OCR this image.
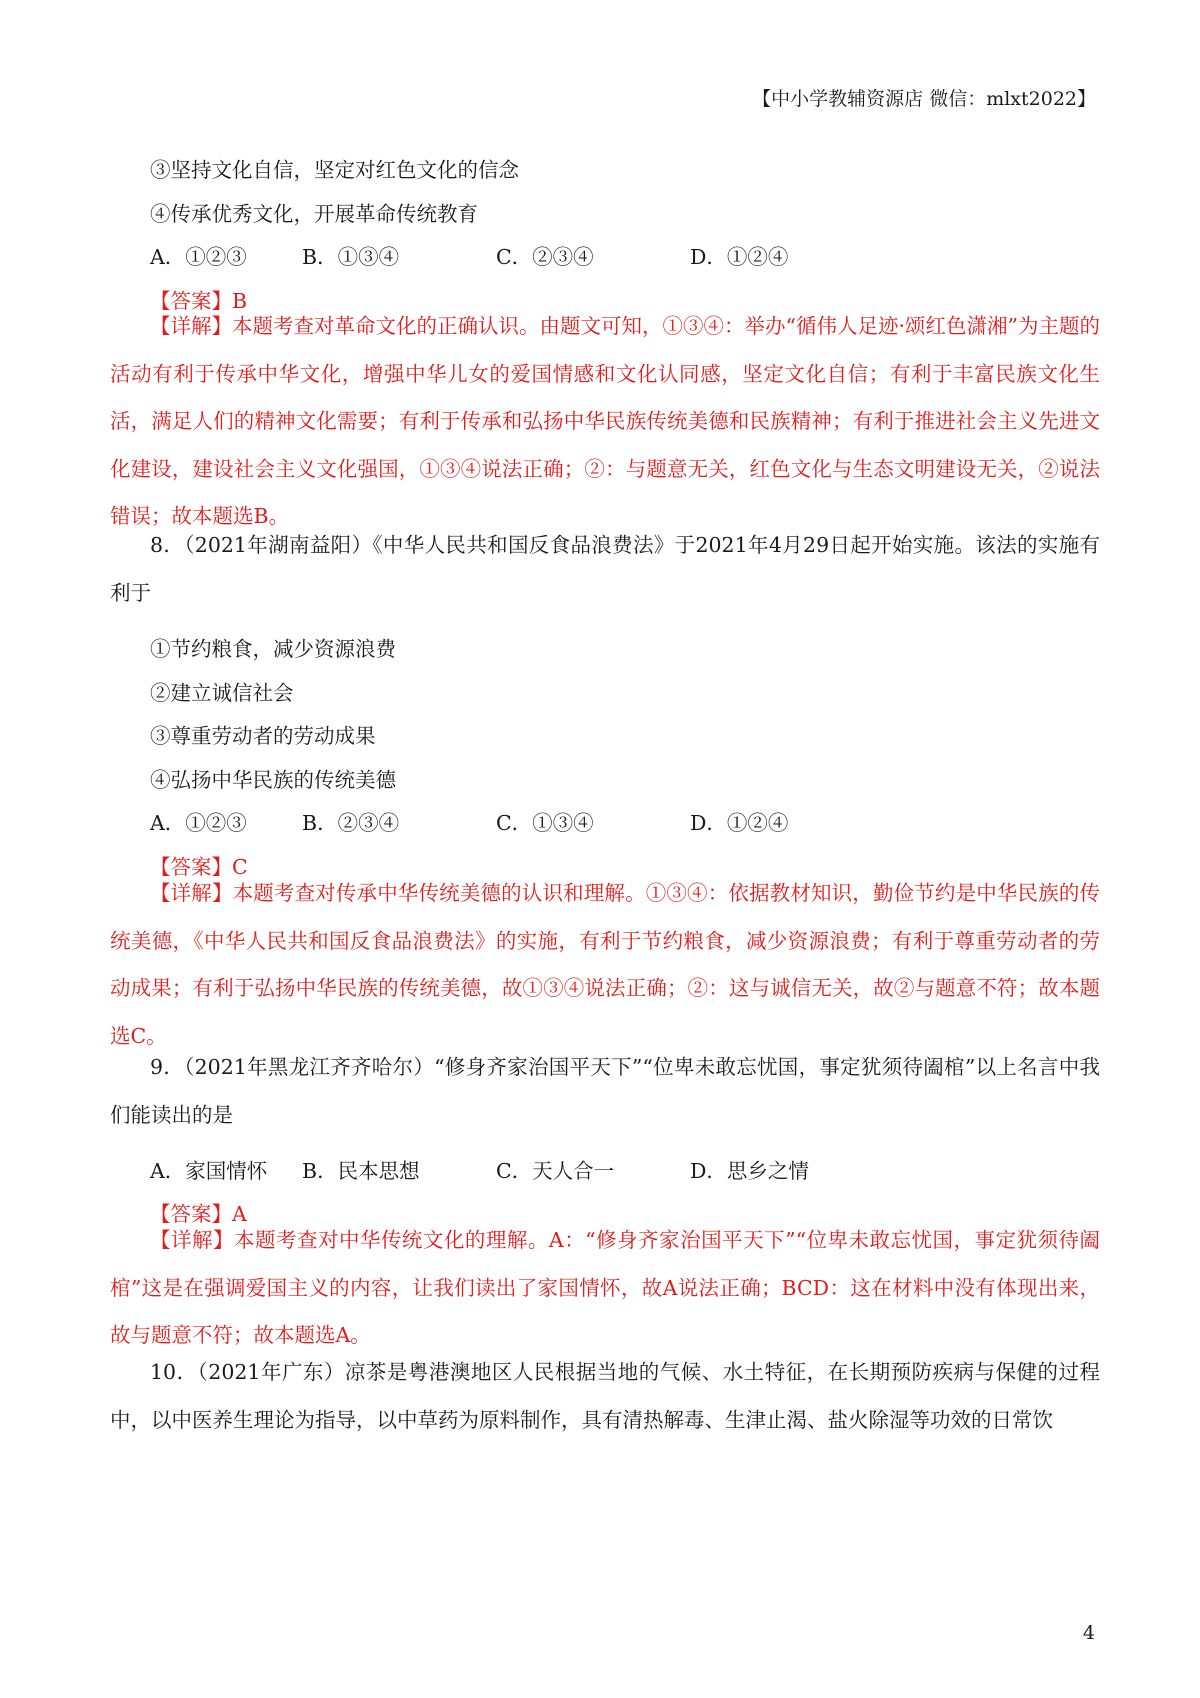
【中小学教辅资源店 微信：mlxt2022】
③坚持文化自信，坚定对红色文化的信念
④传承优秀文化，开展革命传统教育
A．①②③	B．①③④	C．②③④	D．①②④
【答案】B
【详解】本题考查对革命文化的正确认识。由题文可知，①③④：举办“循伟人足迹·颂红色潇湘”为主题的活动有利于传承中华文化，增强中华儿女的爱国情感和文化认同感，坚定文化自信；有利于丰富民族文化生活，满足人们的精神文化需要；有利于传承和弘扬中华民族传统美德和民族精神；有利于推进社会主义先进文化建设，建设社会主义文化强国，①③④说法正确；②：与题意无关，红色文化与生态文明建设无关，②说法错误；故本题选B。
8．（2021年湖南益阳）《中华人民共和国反食品浪费法》于2021年4月29日起开始实施。该法的实施有利于
①节约粮食，减少资源浪费
②建立诚信社会
③尊重劳动者的劳动成果
④弘扬中华民族的传统美德
A．①②③	B．②③④	C．①③④	D．①②④
【答案】C
【详解】本题考查对传承中华传统美德的认识和理解。①③④：依据教材知识，勤俭节约是中华民族的传统美德，《中华人民共和国反食品浪费法》的实施，有利于节约粮食，减少资源浪费；有利于尊重劳动者的劳动成果；有利于弘扬中华民族的传统美德，故①③④说法正确；②：这与诚信无关，故②与题意不符；故本题选C。
9．（2021年黑龙江齐齐哈尔）“修身齐家治国平天下”“位卑未敢忘忧国，事定犹须待阖棺”以上名言中我们能读出的是
A．家国情怀 B．民本思想	C．天人合一	D．思乡之情
【答案】A
【详解】本题考查对中华传统文化的理解。A：“修身齐家治国平天下”“位卑未敢忘忧国，事定犹须待阖棺”这是在强调爱国主义的内容，让我们读出了家国情怀，故A说法正确；BCD：这在材料中没有体现出来，故与题意不符；故本题选A。
10．（2021年广东）凉茶是粤港澳地区人民根据当地的气候、水土特征，在长期预防疾病与保健的过程中，以中医养生理论为指导，以中草药为原料制作，具有清热解毒、生津止渴、盐火除湿等功效的日常饮
4
